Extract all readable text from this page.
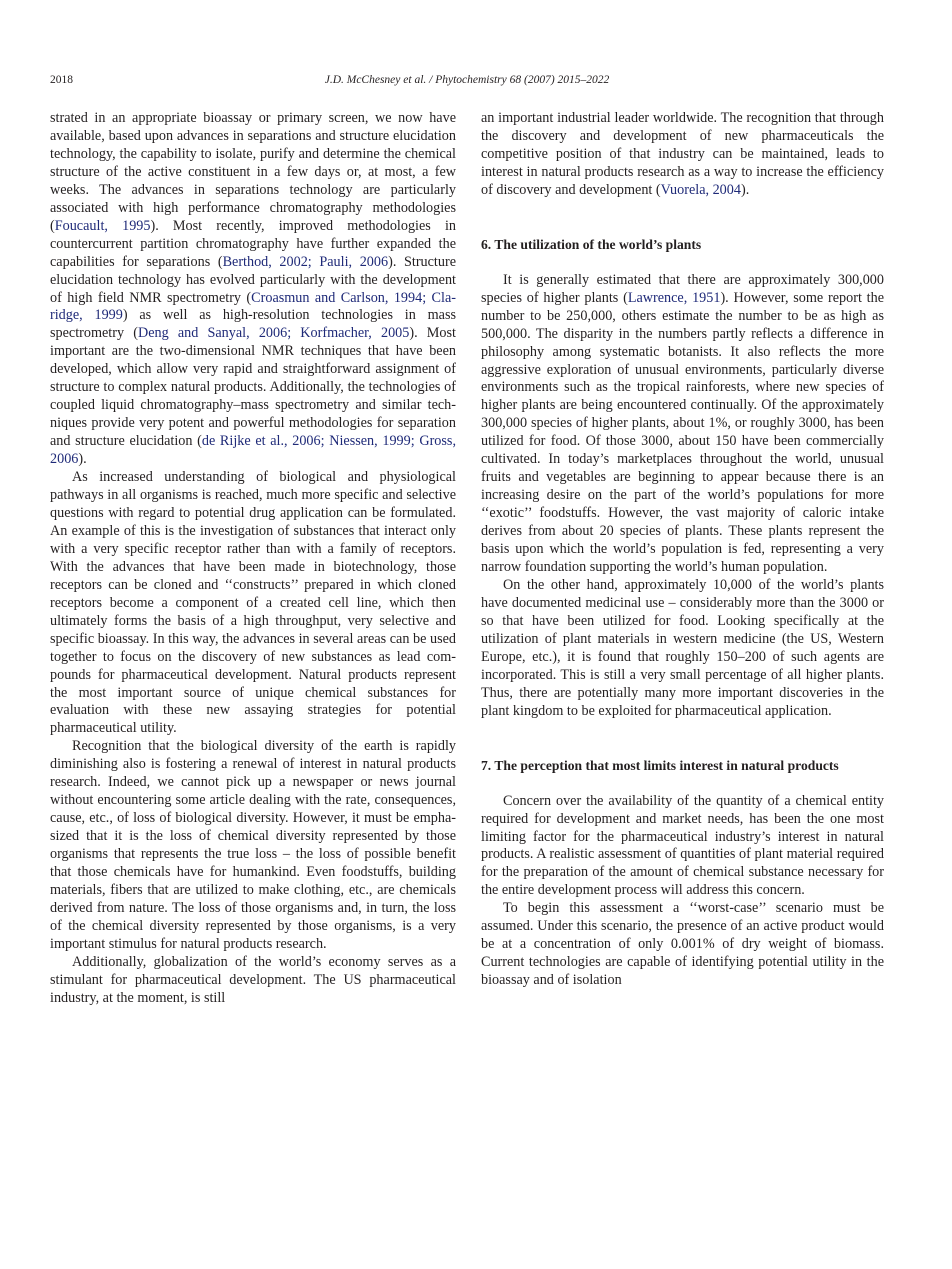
2018	J.D. McChesney et al. / Phytochemistry 68 (2007) 2015–2022

strated in an appropriate bioassay or primary screen, we now have available, based upon advances in separations and structure elucidation technology, the capability to isolate, purify and determine the chemical structure of the active constituent in a few days or, at most, a few weeks. The advances in separations technology are particularly associated with high performance chromatography methodologies (Foucault, 1995). Most recently, improved methodologies in countercurrent partition chromatography have further expanded the capabilities for separations (Berthod, 2002; Pauli, 2006). Structure elucidation technology has evolved particularly with the development of high field NMR spectrometry (Croasmun and Carlson, 1994; Claridge, 1999) as well as high-resolution technologies in mass spectrometry (Deng and Sanyal, 2006; Korfmacher, 2005). Most important are the two-dimensional NMR techniques that have been developed, which allow very rapid and straightforward assignment of structure to complex natural products. Additionally, the technologies of coupled liquid chromatography–mass spectrometry and similar techniques provide very potent and powerful methodologies for separation and structure elucidation (de Rijke et al., 2006; Niessen, 1999; Gross, 2006).

As increased understanding of biological and physiological pathways in all organisms is reached, much more specific and selective questions with regard to potential drug application can be formulated. An example of this is the investigation of substances that interact only with a very specific receptor rather than with a family of receptors. With the advances that have been made in biotechnology, those receptors can be cloned and ‘‘constructs’’ prepared in which cloned receptors become a component of a created cell line, which then ultimately forms the basis of a high throughput, very selective and specific bioassay. In this way, the advances in several areas can be used together to focus on the discovery of new substances as lead compounds for pharmaceutical development. Natural products represent the most important source of unique chemical substances for evaluation with these new assaying strategies for potential pharmaceutical utility.

Recognition that the biological diversity of the earth is rapidly diminishing also is fostering a renewal of interest in natural products research. Indeed, we cannot pick up a newspaper or news journal without encountering some article dealing with the rate, consequences, cause, etc., of loss of biological diversity. However, it must be emphasized that it is the loss of chemical diversity represented by those organisms that represents the true loss – the loss of possible benefit that those chemicals have for humankind. Even foodstuffs, building materials, fibers that are utilized to make clothing, etc., are chemicals derived from nature. The loss of those organisms and, in turn, the loss of the chemical diversity represented by those organisms, is a very important stimulus for natural products research.

Additionally, globalization of the world’s economy serves as a stimulant for pharmaceutical development. The US pharmaceutical industry, at the moment, is still

an important industrial leader worldwide. The recognition that through the discovery and development of new pharmaceuticals the competitive position of that industry can be maintained, leads to interest in natural products research as a way to increase the efficiency of discovery and development (Vuorela, 2004).

6. The utilization of the world’s plants

It is generally estimated that there are approximately 300,000 species of higher plants (Lawrence, 1951). However, some report the number to be 250,000, others estimate the number to be as high as 500,000. The disparity in the numbers partly reflects a difference in philosophy among systematic botanists. It also reflects the more aggressive exploration of unusual environments, particularly diverse environments such as the tropical rainforests, where new species of higher plants are being encountered continually. Of the approximately 300,000 species of higher plants, about 1%, or roughly 3000, has been utilized for food. Of those 3000, about 150 have been commercially cultivated. In today’s marketplaces throughout the world, unusual fruits and vegetables are beginning to appear because there is an increasing desire on the part of the world’s populations for more ‘‘exotic’’ foodstuffs. However, the vast majority of caloric intake derives from about 20 species of plants. These plants represent the basis upon which the world’s population is fed, representing a very narrow foundation supporting the world’s human population.

On the other hand, approximately 10,000 of the world’s plants have documented medicinal use – considerably more than the 3000 or so that have been utilized for food. Looking specifically at the utilization of plant materials in western medicine (the US, Western Europe, etc.), it is found that roughly 150–200 of such agents are incorporated. This is still a very small percentage of all higher plants. Thus, there are potentially many more important discoveries in the plant kingdom to be exploited for pharmaceutical application.

7. The perception that most limits interest in natural products

Concern over the availability of the quantity of a chemical entity required for development and market needs, has been the one most limiting factor for the pharmaceutical industry’s interest in natural products. A realistic assessment of quantities of plant material required for the preparation of the amount of chemical substance necessary for the entire development process will address this concern.

To begin this assessment a ‘‘worst-case’’ scenario must be assumed. Under this scenario, the presence of an active product would be at a concentration of only 0.001% of dry weight of biomass. Current technologies are capable of identifying potential utility in the bioassay and of isolation
